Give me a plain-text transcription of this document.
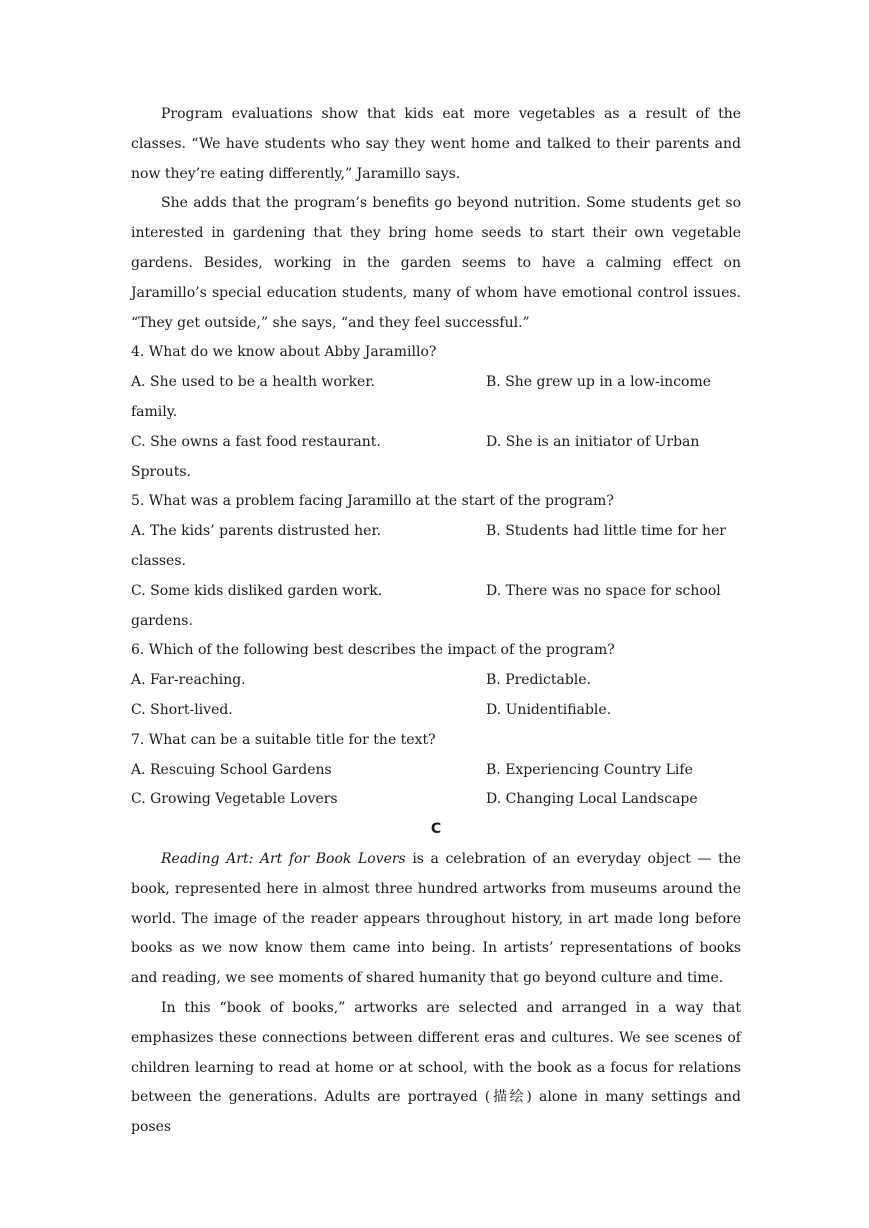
Program evaluations show that kids eat more vegetables as a result of the classes. “We have students who say they went home and talked to their parents and now they’re eating differently,” Jaramillo says.

She adds that the program’s benefits go beyond nutrition. Some students get so interested in gardening that they bring home seeds to start their own vegetable gardens. Besides, working in the garden seems to have a calming effect on Jaramillo’s special education students, many of whom have emotional control issues. “They get outside,” she says, “and they feel successful.”

4. What do we know about Abby Jaramillo?
A. She used to be a health worker.	B. She grew up in a low-income
family.
C. She owns a fast food restaurant.	D. She is an initiator of Urban
Sprouts.
5. What was a problem facing Jaramillo at the start of the program?
A. The kids’ parents distrusted her.	B. Students had little time for her
classes.
C. Some kids disliked garden work.	D. There was no space for school
gardens.
6. Which of the following best describes the impact of the program?
A. Far-reaching.	B. Predictable.
C. Short-lived.	D. Unidentifiable.
7. What can be a suitable title for the text?
A. Rescuing School Gardens	B. Experiencing Country Life
C. Growing Vegetable Lovers	D. Changing Local Landscape
C

Reading Art: Art for Book Lovers is a celebration of an everyday object — the book, represented here in almost three hundred artworks from museums around the world. The image of the reader appears throughout history, in art made long before books as we now know them came into being. In artists’ representations of books and reading, we see moments of shared humanity that go beyond culture and time.

In this “book of books,” artworks are selected and arranged in a way that emphasizes these connections between different eras and cultures. We see scenes of children learning to read at home or at school, with the book as a focus for relations between the generations. Adults are portrayed (描绘) alone in many settings and poses
